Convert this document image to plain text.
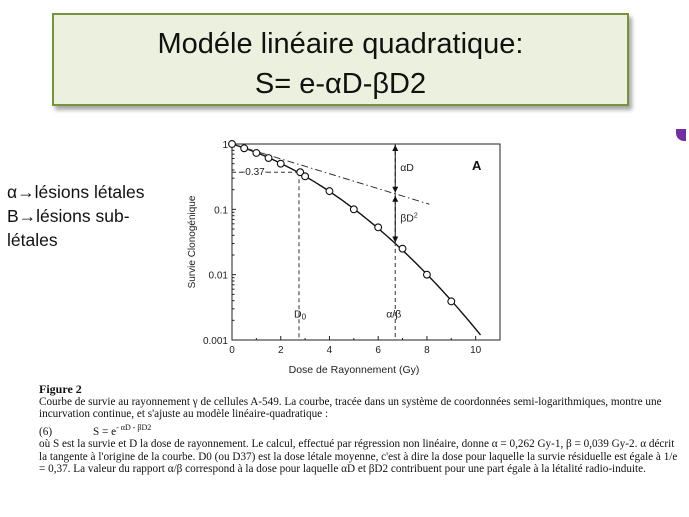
Modéle linéaire quadratique:
S= e-αD-βD2
α→lésions létales
B→lésions sub-
létales
0	2	4	6	8	10
1
0.1
0.01
0.001
Dose de Rayonnement (Gy)
Survie Clonogénique
A
-0.37-
D0	α/β
αD
$\beta D^2$
Figure 2

Courbe de survie au rayonnement γ de cellules A-549. La courbe, tracée dans un système de coordonnées semi-logarithmiques, montre une incurvation continue, et s'ajuste au modèle linéaire-quadratique :

(6)	$S = e^{- \alpha D - \beta D2}$

où S est la survie et D la dose de rayonnement. Le calcul, effectué par régression non linéaire, donne α = 0,262 Gy-1, β = 0,039 Gy-2. α décrit la tangente à l'origine de la courbe. D0 (ou D37) est la dose létale moyenne, c'est à dire la dose pour laquelle la survie résiduelle est égale à 1/e = 0,37. La valeur du rapport α/β correspond à la dose pour laquelle αD et βD2 contribuent pour une part égale à la létalité radio-induite.
